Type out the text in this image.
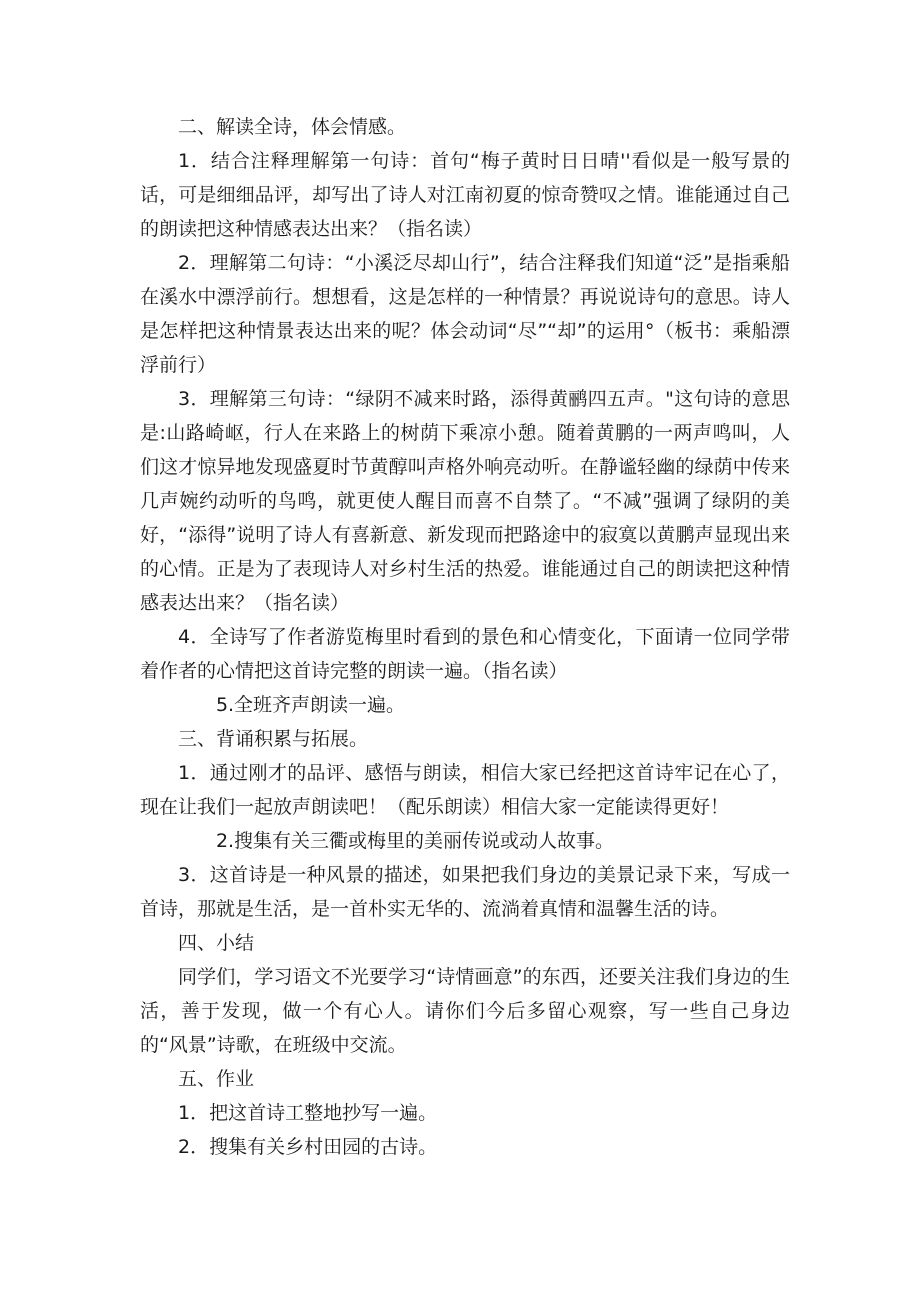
二、解读全诗，体会情感。

1．结合注释理解第一句诗：首句“梅子黄时日日晴''看似是一般写景的话，可是细细品评，却写出了诗人对江南初夏的惊奇赞叹之情。谁能通过自己的朗读把这种情感表达出来？（指名读）

2．理解第二句诗：“小溪泛尽却山行”，结合注释我们知道“泛”是指乘船在溪水中漂浮前行。想想看，这是怎样的一种情景？再说说诗句的意思。诗人是怎样把这种情景表达出来的呢？体会动词“尽”“却”的运用°（板书：乘船漂浮前行）

3．理解第三句诗：“绿阴不减来时路，添得黄鹂四五声。"这句诗的意思是:山路崎岖，行人在来路上的树荫下乘凉小憩。随着黄鹏的一两声鸣叫，人们这才惊异地发现盛夏时节黄醇叫声格外响亮动听。在静谧轻幽的绿荫中传来几声婉约动听的鸟鸣，就更使人醒目而喜不自禁了。“不减”强调了绿阴的美好，“添得”说明了诗人有喜新意、新发现而把路途中的寂寞以黄鹏声显现出来的心情。正是为了表现诗人对乡村生活的热爱。谁能通过自己的朗读把这种情感表达出来？（指名读）

4．全诗写了作者游览梅里时看到的景色和心情变化，下面请一位同学带着作者的心情把这首诗完整的朗读一遍。（指名读）

5.全班齐声朗读一遍。

三、背诵积累与拓展。

1．通过刚才的品评、感悟与朗读，相信大家已经把这首诗牢记在心了，现在让我们一起放声朗读吧！（配乐朗读）相信大家一定能读得更好！

2.搜集有关三衢或梅里的美丽传说或动人故事。

3．这首诗是一种风景的描述，如果把我们身边的美景记录下来，写成一首诗，那就是生活，是一首朴实无华的、流淌着真情和温馨生活的诗。

四、小结

同学们，学习语文不光要学习“诗情画意”的东西，还要关注我们身边的生活，善于发现，做一个有心人。请你们今后多留心观察，写一些自己身边的“风景”诗歌，在班级中交流。

五、作业

1．把这首诗工整地抄写一遍。

2．搜集有关乡村田园的古诗。
